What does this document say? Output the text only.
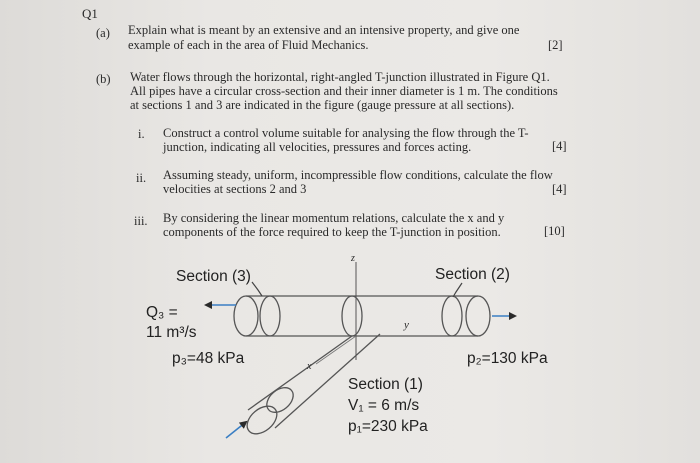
Q1
(a) Explain what is meant by an extensive and an intensive property, and give one
example of each in the area of Fluid Mechanics.	[2]
(b) Water flows through the horizontal, right-angled T-junction illustrated in Figure Q1.
All pipes have a circular cross-section and their inner diameter is 1 m. The conditions
at sections 1 and 3 are indicated in the figure (gauge pressure at all sections).
i. Construct a control volume suitable for analysing the flow through the T-
junction, indicating all velocities, pressures and forces acting.	[4]
ii. Assuming steady, uniform, incompressible flow conditions, calculate the flow
velocities at sections 2 and 3	[4]
iii. By considering the linear momentum relations, calculate the x and y
components of the force required to keep the T-junction in position.	[10]
Section (3)	Section (2)
Q₃ =
11 m³/s
p₃=48 kPa	p₂=130 kPa
Section (1)
V₁ = 6 m/s
p₁=230 kPa
z
y
x
